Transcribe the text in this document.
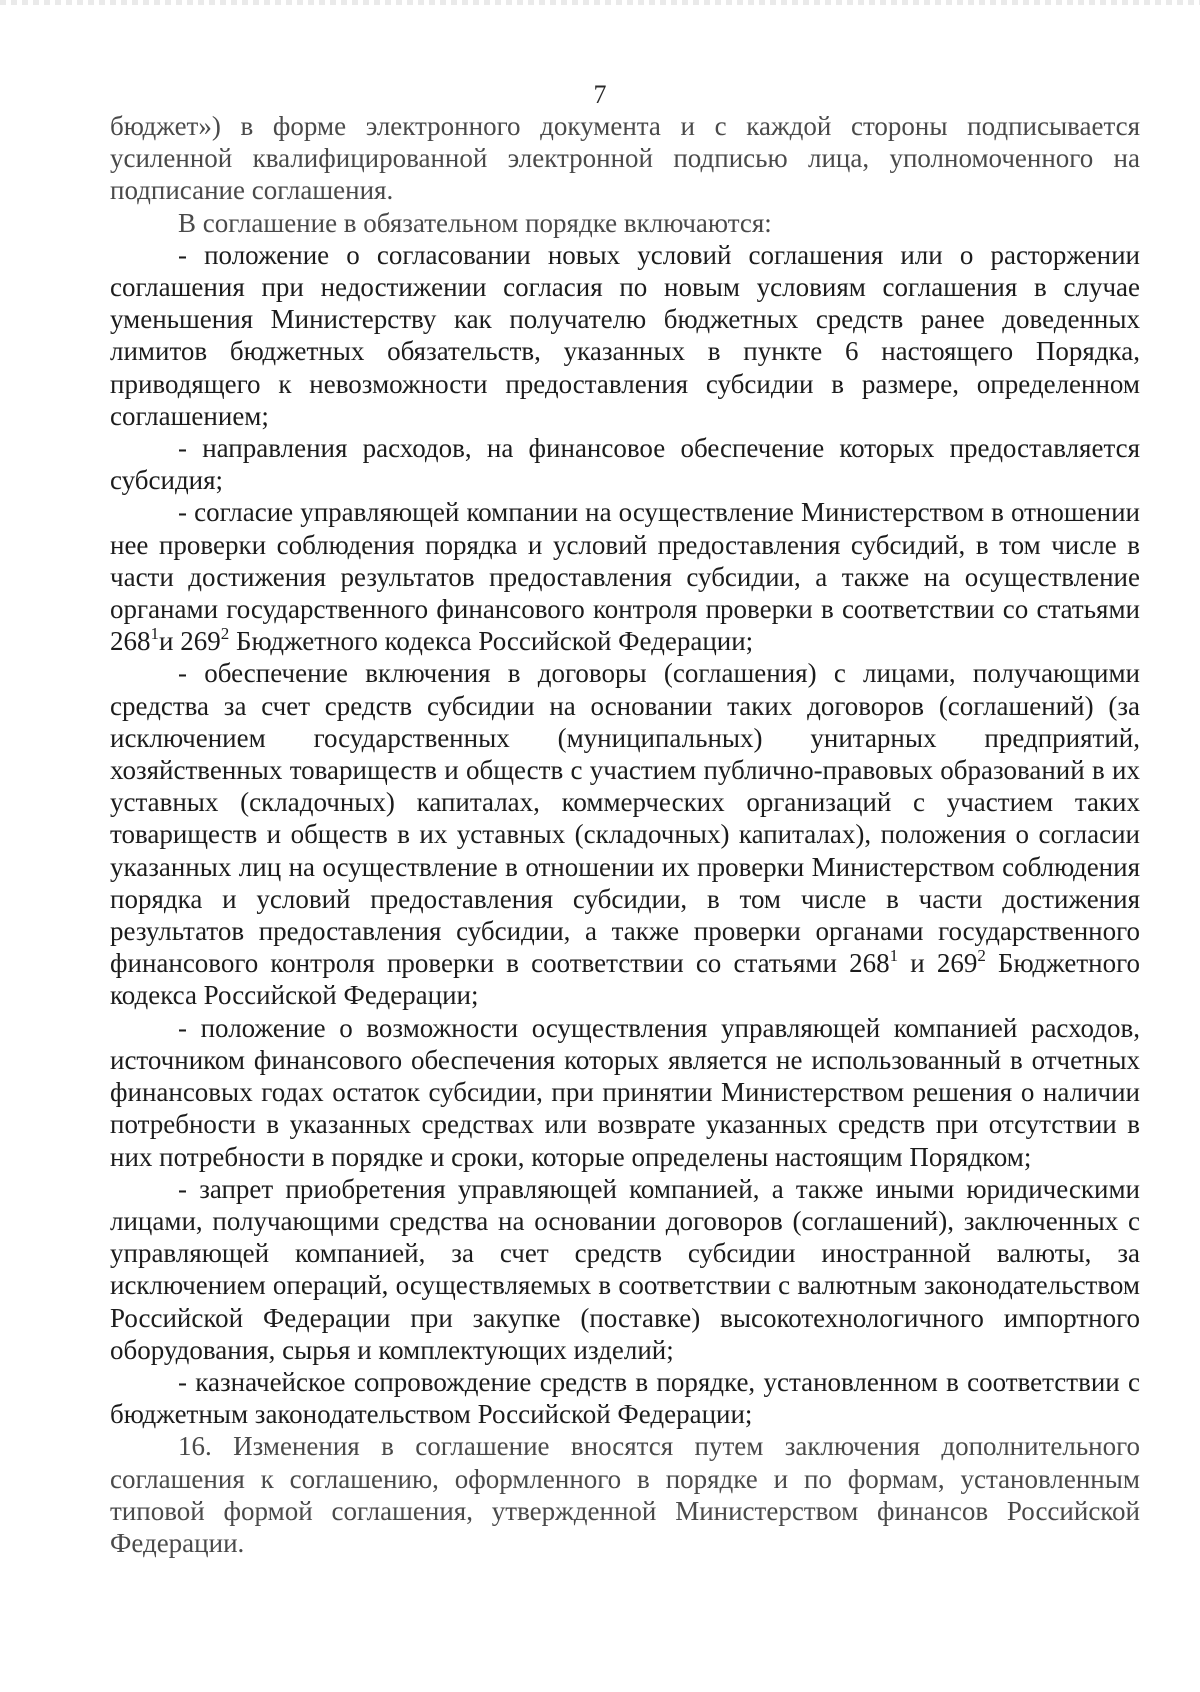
7

бюджет») в форме электронного документа и с каждой стороны подписывается усиленной квалифицированной электронной подписью лица, уполномоченного на подписание соглашения.

В соглашение в обязательном порядке включаются:

- положение о согласовании новых условий соглашения или о расторжении соглашения при недостижении согласия по новым условиям соглашения в случае уменьшения Министерству как получателю бюджетных средств ранее доведенных лимитов бюджетных обязательств, указанных в пункте 6 настоящего Порядка, приводящего к невозможности предоставления субсидии в размере, определенном соглашением;

- направления расходов, на финансовое обеспечение которых предоставляется субсидия;

- согласие управляющей компании на осуществление Министерством в отношении нее проверки соблюдения порядка и условий предоставления субсидий, в том числе в части достижения результатов предоставления субсидии, а также на осуществление органами государственного финансового контроля проверки в соответствии со статьями $268^1и$ $269^2$ Бюджетного кодекса Российской Федерации;

- обеспечение включения в договоры (соглашения) с лицами, получающими средства за счет средств субсидии на основании таких договоров (соглашений) (за исключением государственных (муниципальных) унитарных предприятий, хозяйственных товариществ и обществ с участием публично-правовых образований в их уставных (складочных) капиталах, коммерческих организаций с участием таких товариществ и обществ в их уставных (складочных) капиталах), положения о согласии указанных лиц на осуществление в отношении их проверки Министерством соблюдения порядка и условий предоставления субсидии, в том числе в части достижения результатов предоставления субсидии, а также проверки органами государственного финансового контроля проверки в соответствии со статьями $268^1$ и $269^2$ Бюджетного кодекса Российской Федерации;

- положение о возможности осуществления управляющей компанией расходов, источником финансового обеспечения которых является не использованный в отчетных финансовых годах остаток субсидии, при принятии Министерством решения о наличии потребности в указанных средствах или возврате указанных средств при отсутствии в них потребности в порядке и сроки, которые определены настоящим Порядком;

- запрет приобретения управляющей компанией, а также иными юридическими лицами, получающими средства на основании договоров (соглашений), заключенных с управляющей компанией, за счет средств субсидии иностранной валюты, за исключением операций, осуществляемых в соответствии с валютным законодательством Российской Федерации при закупке (поставке) высокотехнологичного импортного оборудования, сырья и комплектующих изделий;

- казначейское сопровождение средств в порядке, установленном в соответствии с бюджетным законодательством Российской Федерации;

16. Изменения в соглашение вносятся путем заключения дополнительного соглашения к соглашению, оформленного в порядке и по формам, установленным типовой формой соглашения, утвержденной Министерством финансов Российской Федерации.
